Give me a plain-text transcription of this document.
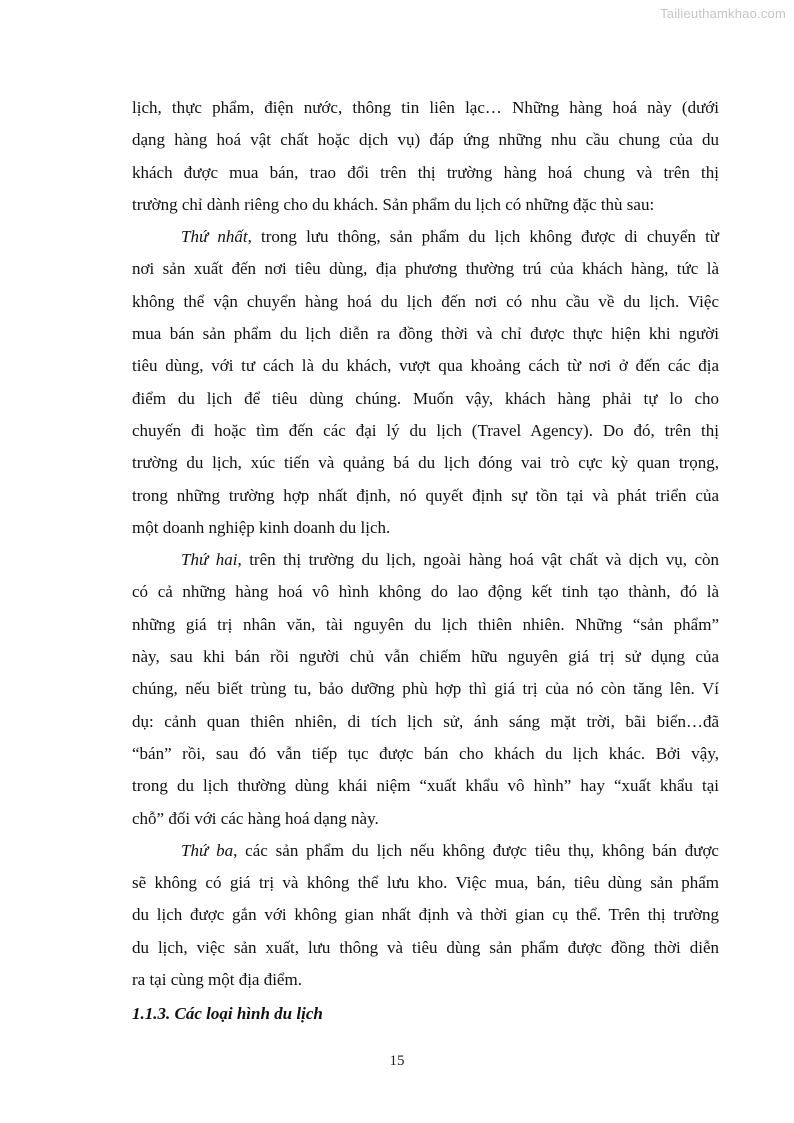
Tailieuthamkhao.com
lịch, thực phẩm, điện nước, thông tin liên lạc… Những hàng hoá này (dưới
dạng hàng hoá vật chất hoặc dịch vụ) đáp ứng những nhu cầu chung của du
khách được mua bán, trao đổi trên thị trường hàng hoá chung và trên thị
trường chỉ dành riêng cho du khách. Sản phẩm du lịch có những đặc thù sau:
Thứ nhất, trong lưu thông, sản phẩm du lịch không được di chuyển từ
nơi sản xuất đến nơi tiêu dùng, địa phương thường trú của khách hàng, tức là
không thể vận chuyển hàng hoá du lịch đến nơi có nhu cầu về du lịch. Việc
mua bán sản phẩm du lịch diễn ra đồng thời và chỉ được thực hiện khi người
tiêu dùng, với tư cách là du khách, vượt qua khoảng cách từ nơi ở đến các địa
điểm du lịch để tiêu dùng chúng. Muốn vậy, khách hàng phải tự lo cho
chuyến đi hoặc tìm đến các đại lý du lịch (Travel Agency). Do đó, trên thị
trường du lịch, xúc tiến và quảng bá du lịch đóng vai trò cực kỳ quan trọng,
trong những trường hợp nhất định, nó quyết định sự tồn tại và phát triển của
một doanh nghiệp kinh doanh du lịch.
Thứ hai, trên thị trường du lịch, ngoài hàng hoá vật chất và dịch vụ, còn
có cả những hàng hoá vô hình không do lao động kết tinh tạo thành, đó là
những giá trị nhân văn, tài nguyên du lịch thiên nhiên. Những “sản phẩm”
này, sau khi bán rồi người chủ vẫn chiếm hữu nguyên giá trị sử dụng của
chúng, nếu biết trùng tu, bảo dưỡng phù hợp thì giá trị của nó còn tăng lên. Ví
dụ: cảnh quan thiên nhiên, di tích lịch sử, ánh sáng mặt trời, bãi biển…đã
“bán” rồi, sau đó vẫn tiếp tục được bán cho khách du lịch khác. Bởi vậy,
trong du lịch thường dùng khái niệm “xuất khẩu vô hình” hay “xuất khẩu tại
chỗ” đối với các hàng hoá dạng này.
Thứ ba, các sản phẩm du lịch nếu không được tiêu thụ, không bán được
sẽ không có giá trị và không thể lưu kho. Việc mua, bán, tiêu dùng sản phẩm
du lịch được gắn với không gian nhất định và thời gian cụ thể. Trên thị trường
du lịch, việc sản xuất, lưu thông và tiêu dùng sản phẩm được đồng thời diễn
ra tại cùng một địa điểm.
1.1.3. Các loại hình du lịch
15
